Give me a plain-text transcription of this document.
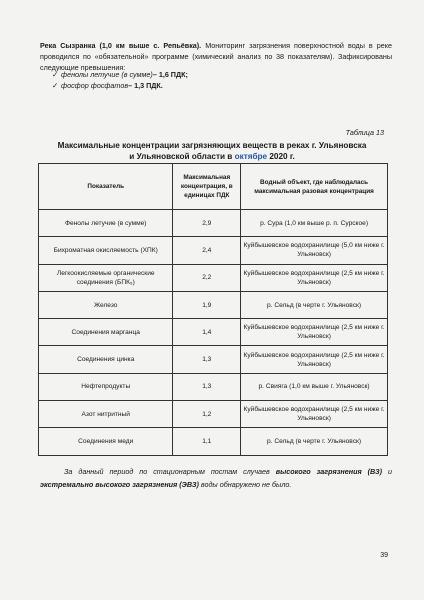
Река Сызранка (1,0 км выше с. Репьёвка). Мониторинг загрязнения поверхностной воды в реке проводился по «обязательной» программе (химический анализ по 38 показателям). Зафиксированы следующие превышения:
✓ фенолы летучие (в сумме) – 1,6 ПДК;
✓ фосфор фосфатов – 1,3 ПДК.
Таблица 13
Максимальные концентрации загрязняющих веществ в реках г. Ульяновска
и Ульяновской области в октябре 2020 г.
Показатель	Максимальная концентрация, в единицах ПДК	Водный объект, где наблюдалась максимальная разовая концентрация
Фенолы летучие (в сумме)	2,9	р. Сура (1,0 км выше р. п. Сурское)
Бихроматная окисляемость (ХПК)	2,4	Куйбышевское водохранилище (5,0 км ниже г. Ульяновск)
Легкоокисляемые органические соединения (БПК₅)	2,2	Куйбышевское водохранилище (2,5 км ниже г. Ульяновск)
Железо	1,9	р. Сельд (в черте г. Ульяновск)
Соединения марганца	1,4	Куйбышевское водохранилище (2,5 км ниже г. Ульяновск)
Соединения цинка	1,3	Куйбышевское водохранилище (2,5 км ниже г. Ульяновск)
Нефтепродукты	1,3	р. Свияга (1,0 км выше г. Ульяновск)
Азот нитритный	1,2	Куйбышевское водохранилище (2,5 км ниже г. Ульяновск)
Соединения меди	1,1	р. Сельд (в черте г. Ульяновск)
За данный период по стационарным постам случаев высокого загрязнения (ВЗ) и экстремально высокого загрязнения (ЭВЗ) воды обнаружено не было.
39
